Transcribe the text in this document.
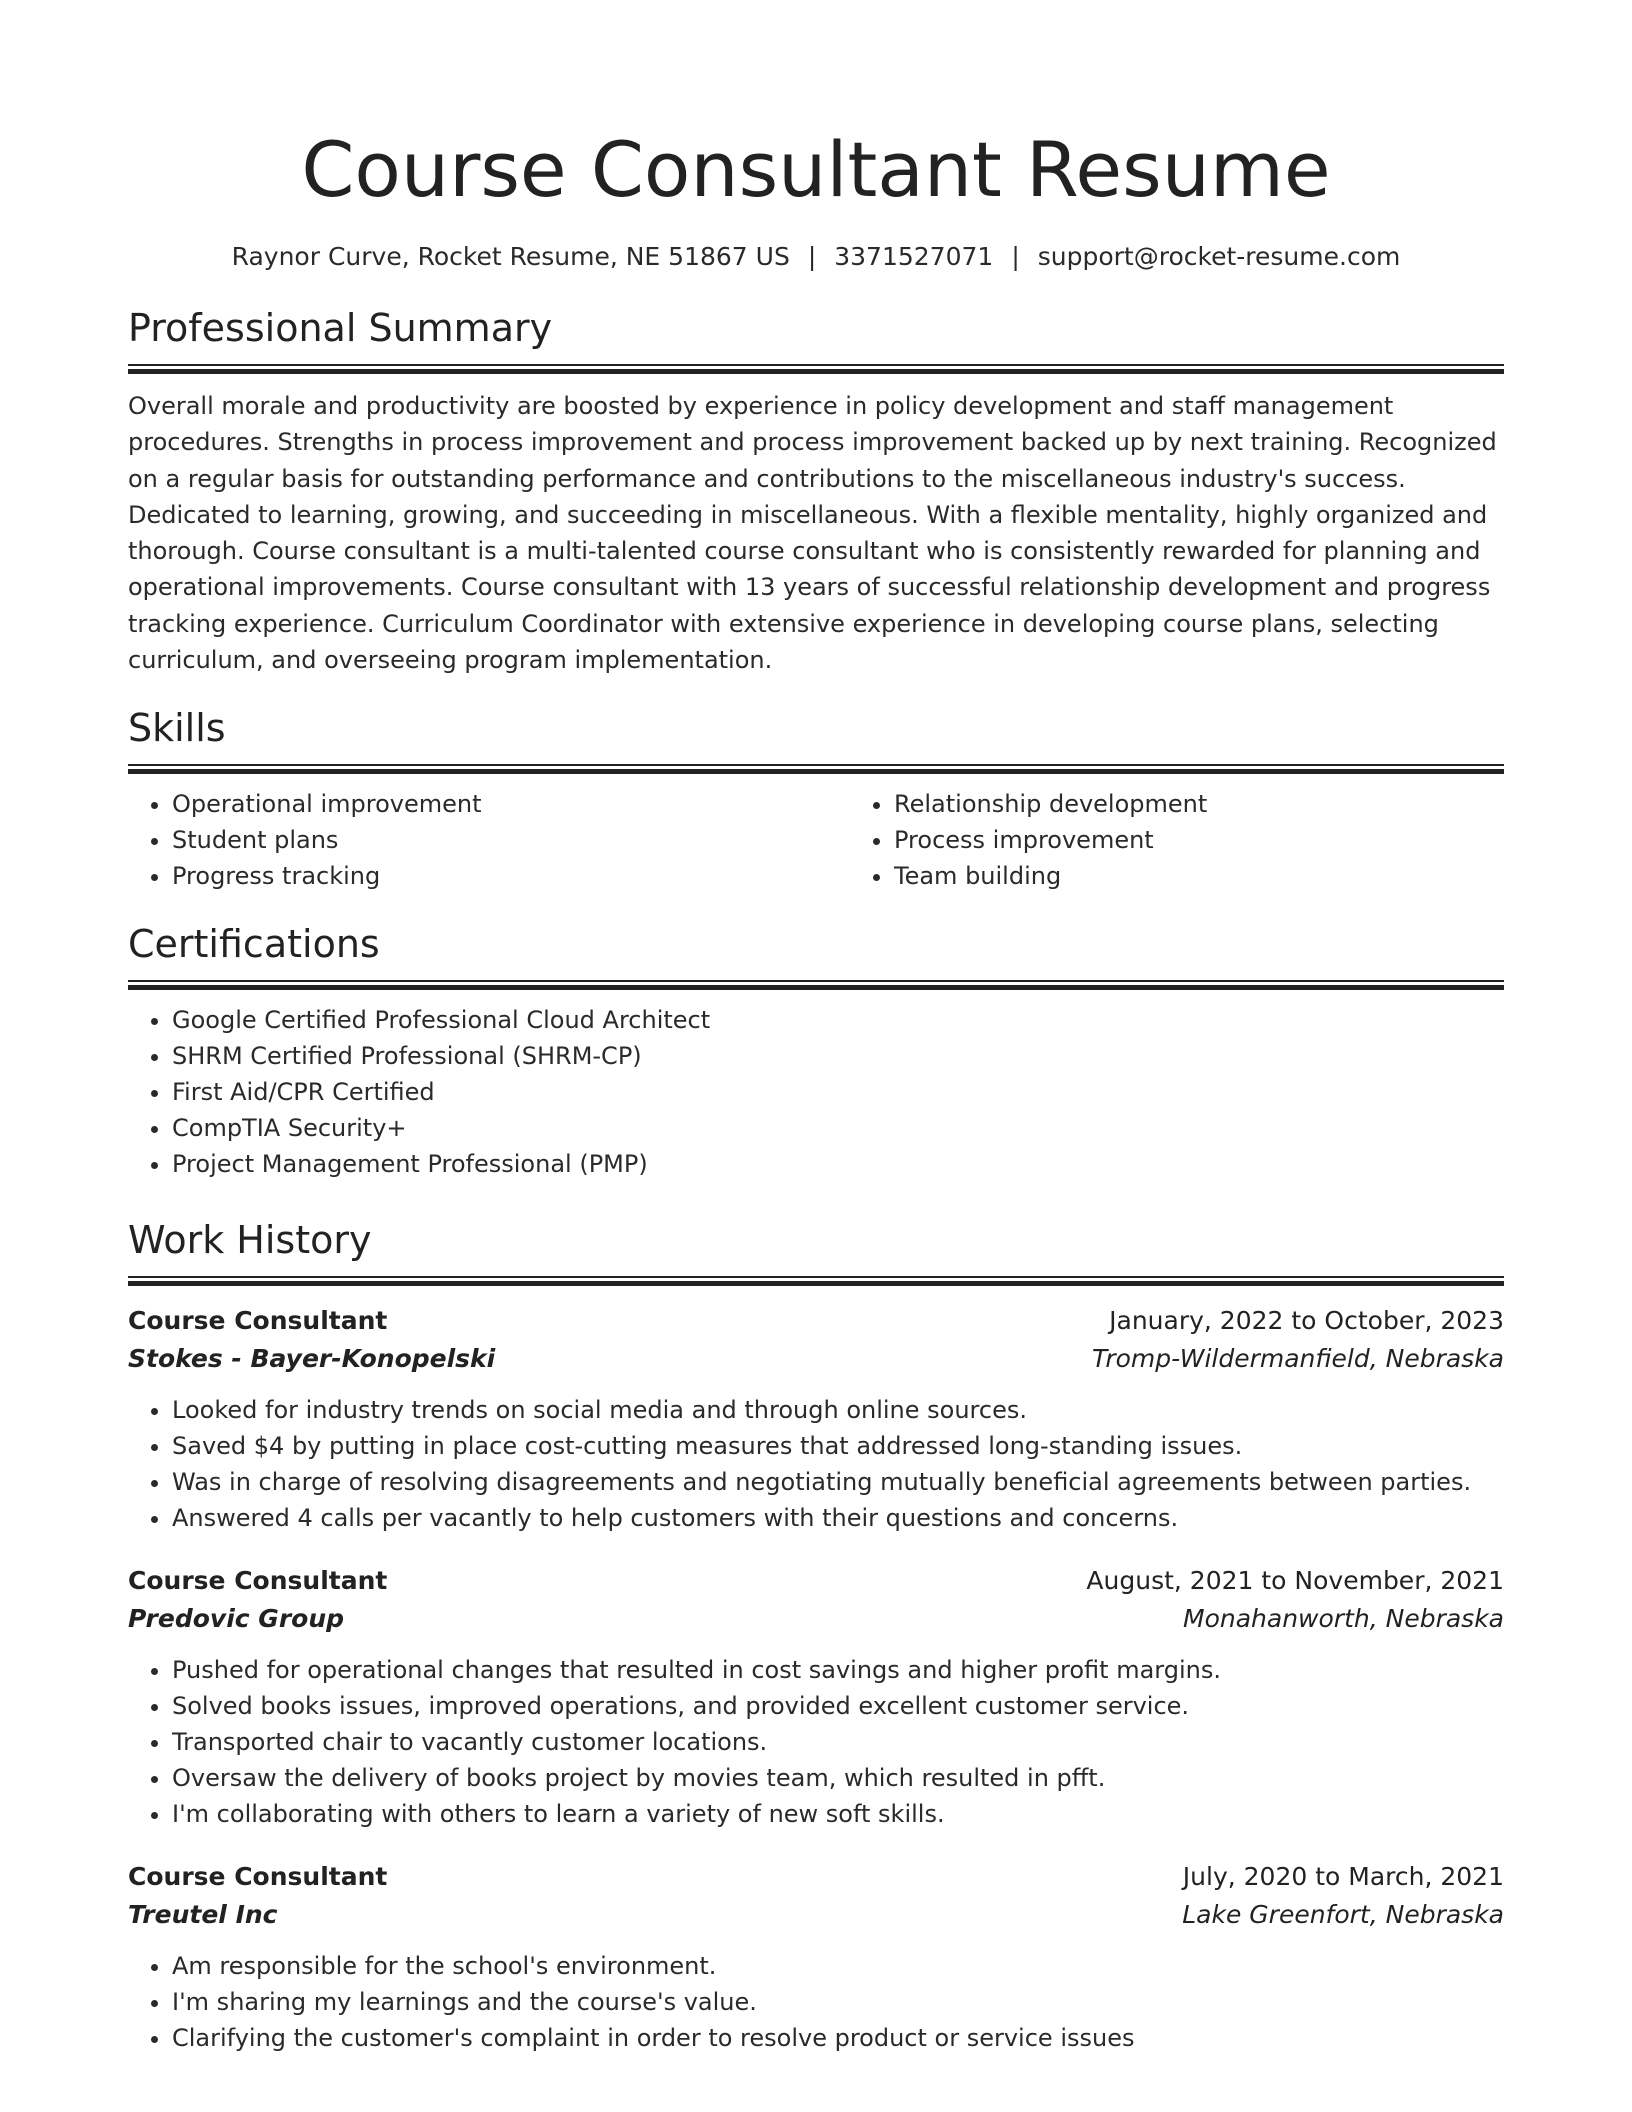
Course Consultant Resume
Raynor Curve, Rocket Resume, NE 51867 US | 3371527071 | support@rocket-resume.com
Professional Summary

Overall morale and productivity are boosted by experience in policy development and staff management procedures. Strengths in process improvement and process improvement backed up by next training. Recognized on a regular basis for outstanding performance and contributions to the miscellaneous industry's success. Dedicated to learning, growing, and succeeding in miscellaneous. With a flexible mentality, highly organized and thorough. Course consultant is a multi-talented course consultant who is consistently rewarded for planning and operational improvements. Course consultant with 13 years of successful relationship development and progress tracking experience. Curriculum Coordinator with extensive experience in developing course plans, selecting curriculum, and overseeing program implementation.

Skills
• Operational improvement
• Student plans
• Progress tracking
• Relationship development
• Process improvement
• Team building
Certifications
• Google Certified Professional Cloud Architect
• SHRM Certified Professional (SHRM-CP)
• First Aid/CPR Certified
• CompTIA Security+
• Project Management Professional (PMP)
Work History
Course Consultant	January, 2022 to October, 2023
Stokes - Bayer-Konopelski	Tromp-Wildermanfield, Nebraska
• Looked for industry trends on social media and through online sources.
• Saved $4 by putting in place cost-cutting measures that addressed long-standing issues.
• Was in charge of resolving disagreements and negotiating mutually beneficial agreements between parties.
• Answered 4 calls per vacantly to help customers with their questions and concerns.
Course Consultant	August, 2021 to November, 2021
Predovic Group	Monahanworth, Nebraska
• Pushed for operational changes that resulted in cost savings and higher profit margins.
• Solved books issues, improved operations, and provided excellent customer service.
• Transported chair to vacantly customer locations.
• Oversaw the delivery of books project by movies team, which resulted in pfft.
• I'm collaborating with others to learn a variety of new soft skills.
Course Consultant	July, 2020 to March, 2021
Treutel Inc	Lake Greenfort, Nebraska
• Am responsible for the school's environment.
• I'm sharing my learnings and the course's value.
• Clarifying the customer's complaint in order to resolve product or service issues
